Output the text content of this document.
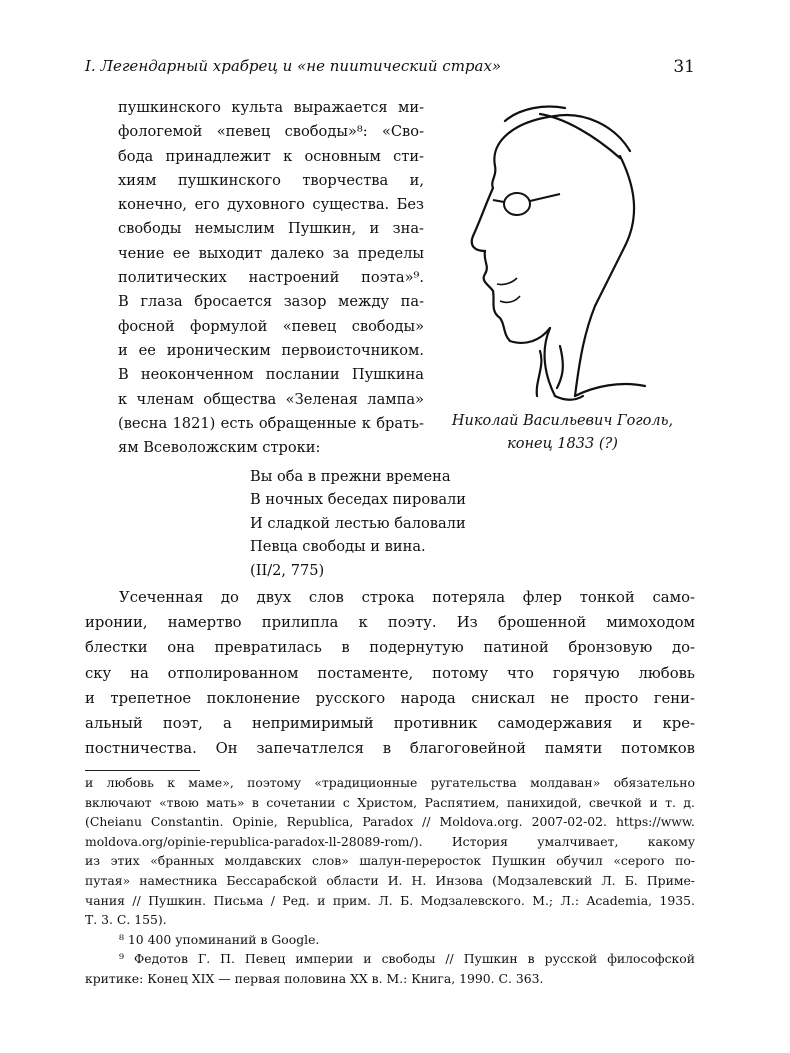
I. Легендарный храбрец и «не пиитический страх»	31

пушкинского культа выражается ми-
фологемой «певец свободы»⁸: «Сво-
бода принадлежит к основным сти-
хиям пушкинского творчества и,
конечно, его духовного существа. Без
свободы немыслим Пушкин, и зна-
чение ее выходит далеко за пределы
политических настроений поэта»⁹.
В глаза бросается зазор между па-
фосной формулой «певец свободы»
и ее ироническим первоисточником.
В неоконченном послании Пушкина
к членам общества «Зеленая лампа»
(весна 1821) есть обращенные к брать-
ям Всеволожским строки:

Николай Васильевич Гоголь,
конец 1833 (?)
Вы оба в прежни времена
В ночных беседах пировали
И сладкой лестью баловали
Певца свободы и вина.
(II/2, 775)
Усеченная до двух слов строка потеряла флер тонкой само-
иронии, намертво прилипла к поэту. Из брошенной мимоходом
блестки она превратилась в подернутую патиной бронзовую до-
ску на отполированном постаменте, потому что горячую любовь
и трепетное поклонение русского народа снискал не просто гени-
альный поэт, а непримиримый противник самодержавия и кре-
постничества. Он запечатлелся в благоговейной памяти потомков
и любовь к маме», поэтому «традиционные ругательства молдаван» обязательно
включают «твою мать» в сочетании с Христом, Распятием, панихидой, свечкой и т. д.
(Cheianu Constantin. Opinie, Republica, Paradox // Moldova.org. 2007-02-02. https://www.
moldova.org/opinie-republica-paradox-ll-28089-rom/). История умалчивает, какому
из этих «бранных молдавских слов» шалун-переросток Пушкин обучил «серого по-
путая» наместника Бессарабской области И. Н. Инзова (Модзалевский Л. Б. Приме-
чания // Пушкин. Письма / Ред. и прим. Л. Б. Модзалевского. М.; Л.: Academia, 1935.
Т. 3. С. 155).
⁸ 10 400 упоминаний в Google.
⁹ Федотов Г. П. Певец империи и свободы // Пушкин в русской философской
критике: Конец XIX — первая половина XX в. М.: Книга, 1990. С. 363.
